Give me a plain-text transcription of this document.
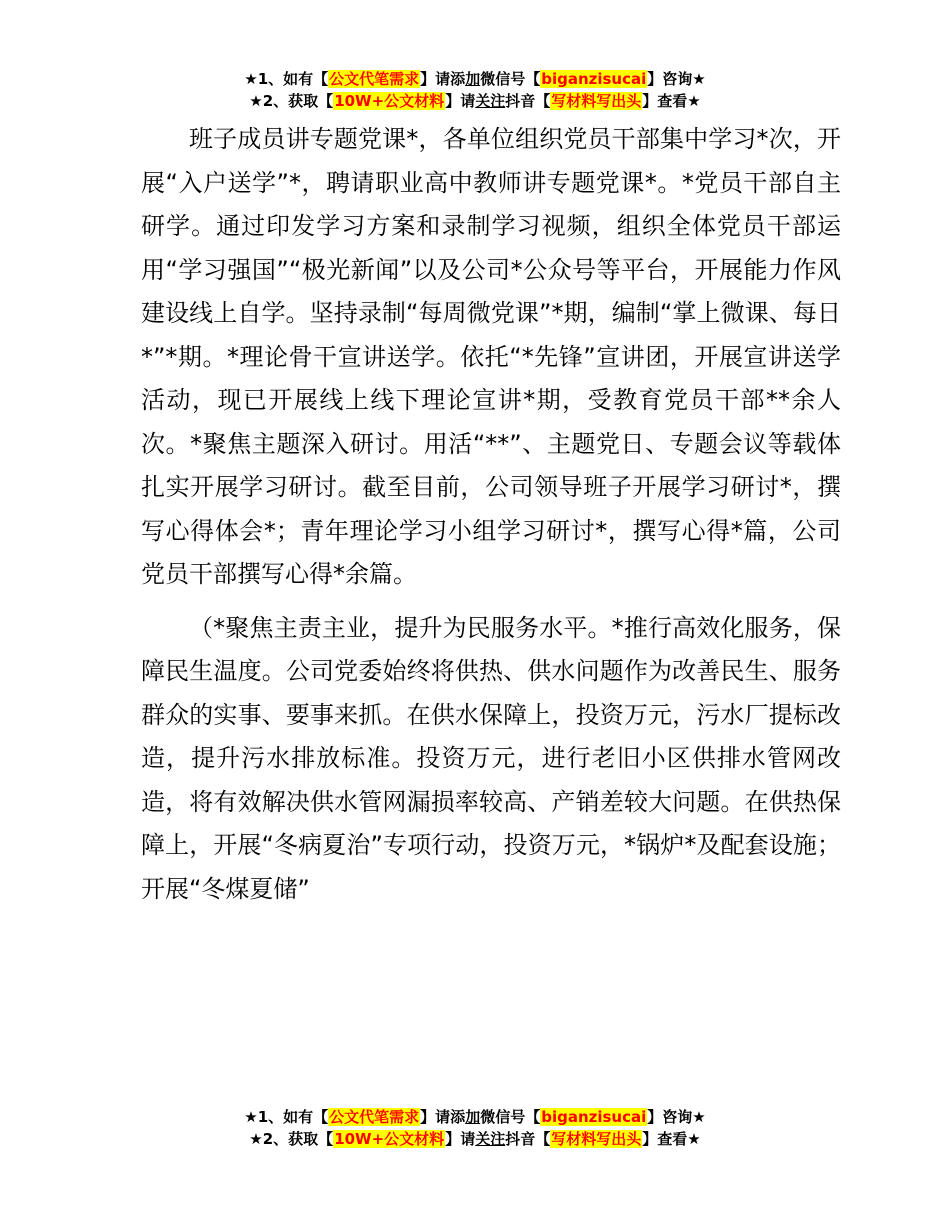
★1、如有【公文代笔需求】请添加微信号【biganzisucai】咨询★
★2、获取【10W+公文材料】请关注抖音【写材料写出头】查看★

班子成员讲专题党课*，各单位组织党员干部集中学习*次，开展“入户送学”*，聘请职业高中教师讲专题党课*。*党员干部自主研学。通过印发学习方案和录制学习视频，组织全体党员干部运用“学习强国”“极光新闻”以及公司*公众号等平台，开展能力作风建设线上自学。坚持录制“每周微党课”*期，编制“掌上微课、每日*”*期。*理论骨干宣讲送学。依托“*先锋”宣讲团，开展宣讲送学活动，现已开展线上线下理论宣讲*期，受教育党员干部**余人次。*聚焦主题深入研讨。用活“**”、主题党日、专题会议等载体扎实开展学习研讨。截至目前，公司领导班子开展学习研讨*，撰写心得体会*；青年理论学习小组学习研讨*，撰写心得*篇，公司党员干部撰写心得*余篇。

（*聚焦主责主业，提升为民服务水平。*推行高效化服务，保障民生温度。公司党委始终将供热、供水问题作为改善民生、服务群众的实事、要事来抓。在供水保障上，投资万元，污水厂提标改造，提升污水排放标准。投资万元，进行老旧小区供排水管网改造，将有效解决供水管网漏损率较高、产销差较大问题。在供热保障上，开展“冬病夏治”专项行动，投资万元，*锅炉*及配套设施；开展“冬煤夏储”

★1、如有【公文代笔需求】请添加微信号【biganzisucai】咨询★
★2、获取【10W+公文材料】请关注抖音【写材料写出头】查看★
